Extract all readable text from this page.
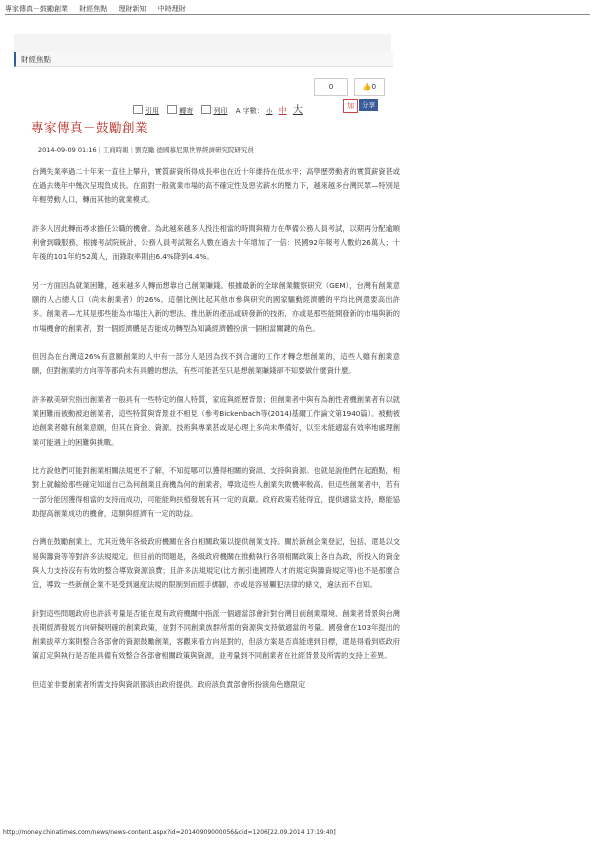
專家傳真－鼓勵創業 財經焦點 理財新知 中時理財
財經焦點
0	👍0
引用	轉寄	列印 A 字數： 小 中 大	加	分享
專家傳真－鼓勵創業
2014-09-09 01:16 | 工商時報 | 劉克勵 德國慕尼黑世界經濟研究院研究員

台灣失業率過二十年來一直往上攀升，實質薪資所得成長率也在近十年維持在低水平；高學歷勞動者的實質薪資甚或在過去幾年中幾次呈現負成長。在面對一般就業市場的高不確定性及惡劣薪水的壓力下，越來越多台灣民眾—特別是年輕勞動人口，轉而其他的就業模式。

許多人因此轉而尋求擔任公職的機會。為此越來越多人投注相當的時間與精力在準備公務人員考試，以期再分配逾順利會到職服務，根據考試院統計，公務人員考試報名人數在過去十年增加了一倍：民國92年報考人數約26萬人；十年後的101年約52萬人，而錄取率則由6.4%降到4.4%。

另一方面因為就業困難，越來越多人轉而想靠自己創業賺錢。根據最新的全球創業觀察研究（GEM），台灣有創業意願的人占總人口（尚未創業者）的26%。這個比例比起其他市參與研究的國家驅動經濟體的平均比例還要高出許多。創業者—尤其是那些能為市場注入新的想法、推出新的產品或研發新的技術，亦或是那些能開發新的市場與新的市場機會的創業者，對一個經濟體是否能成功轉型為知識經濟體扮演一個相當關鍵的角色。

但因為在台灣這26%有意願創業的人中有一部分人是因為找不到合適的工作才轉念想創業的，這些人雖有創業意願，但對創業的方向等等都尚未有具體的想法，有些可能甚至只是想創業賺錢卻不知要做什麼資什麼。

許多歐美研究指出創業者一般具有一些特定的個人特質，家庭與經歷背景；但創業者中與有為創性者機創業者有以就業困難而被動被迫創業者，這些特質與背景並不相見（參考Bickenbach等(2014)基爾工作論文第1940篇）。被動被迫創業者雖有創業意願，但其在資金、資源、技術與專業甚或是心理上多尚未準備好，以至未能適當有效率地處理創業可能遇上的困難與挑戰。

比方說他們可能對創業相關法規更不了解，不知從哪可以獲得相關的資訊、支持與資源。也就是說他們在起跑點，相對上就輸給那些確定知道自己為何創業且商機為何的創業者，導致這些人創業失敗機率較高。但這些創業者中，若有一部分能因獲得相當的支持而成功，可能能夠扶植發展有其一定的貢獻。政府政策若能得宜，提供適當支持，應能協助提高創業成功的機會，這類與經濟有一定的助益。

台灣在鼓勵創業上，尤其近幾年各級政府機關在各自相關政策以提供創業支持。關於新創企業登記，包括、還是以交易與籌資等等對許多法規規定。但目前的問題是，各級政府機關在推動執行各項相關政策上各自為政，所投入的資金與人力支持沒有有效的整合導致資源浪費；且許多法規規定(比方創引進國際人才的規定與籌資規定等)也不是那麼合宜，導致一些新創企業不是受到過度法規的限制到而經手綁腳，亦或是容易觸犯法律的條文，違法而不自知。

針對這些問題政府也許該考量是否能在現有政府機關中指派一個適當部會針對台灣目前創業環境、創業者背景與台灣長期經濟發展方向研擬明確的創業政策，並對不同創業族群所需的資源與支持做適當的考量。國發會在103年提出的創業拔萃方案則整合各部會的資源鼓勵創業，客觀來看方向是對的，但該方案是否真能達到目標，還是得看到底政府策訂定與執行是否能具備有效整合各部會相關政策與資源，並考量到不同創業者在社經背景及所需的支持上差異。

但這並非要創業者所需支持與資訊都該由政府提供。政府該負責部會所扮演角色應限定

http://money.chinatimes.com/news/news-content.aspx?id=20140909000056&cid=1206[22.09.2014 17:19:40]
